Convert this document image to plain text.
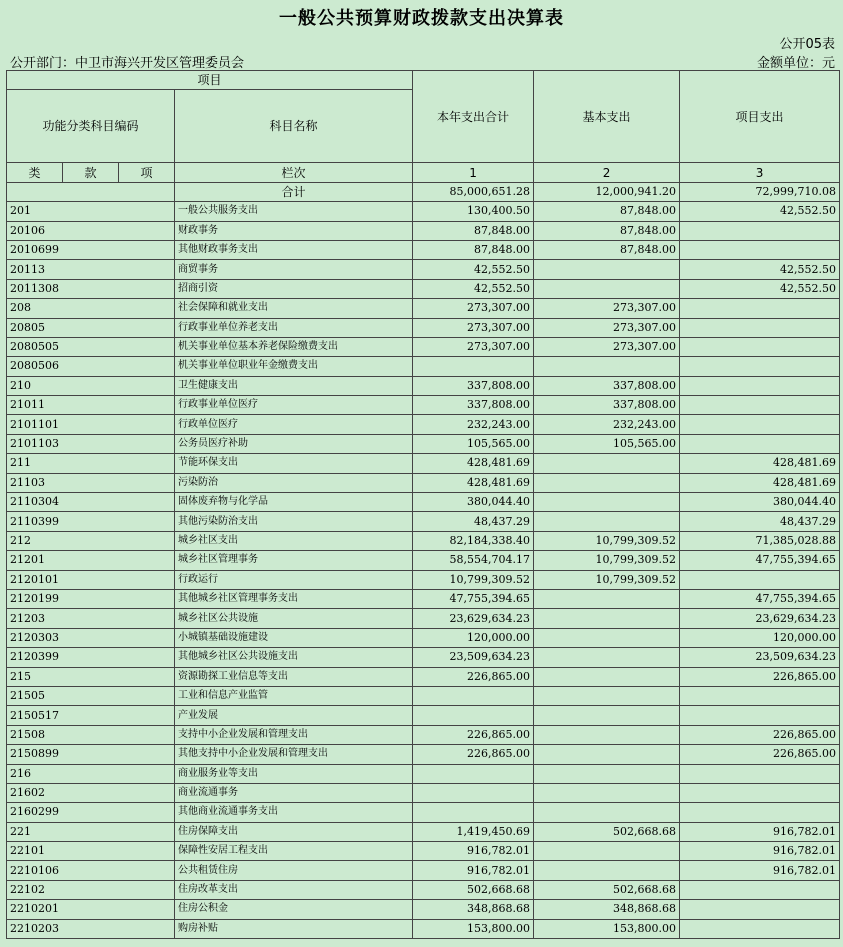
一般公共预算财政拨款支出决算表
公开05表
公开部门：中卫市海兴开发区管理委员会	金额单位：元
项目				本年支出合计	基本支出	项目支出
功能分类科目编码			科目名称			
类	款	项				
			栏次	1	2	3
			合计	85,000,651.28	12,000,941.20	72,999,710.08
201			一般公共服务支出	130,400.50	87,848.00	42,552.50
20106			财政事务	87,848.00	87,848.00	
2010699			其他财政事务支出	87,848.00	87,848.00	
20113			商贸事务	42,552.50		42,552.50
2011308			招商引资	42,552.50		42,552.50
208			社会保障和就业支出	273,307.00	273,307.00	
20805			行政事业单位养老支出	273,307.00	273,307.00	
2080505			机关事业单位基本养老保险缴费支出	273,307.00	273,307.00	
2080506			机关事业单位职业年金缴费支出			
210			卫生健康支出	337,808.00	337,808.00	
21011			行政事业单位医疗	337,808.00	337,808.00	
2101101			行政单位医疗	232,243.00	232,243.00	
2101103			公务员医疗补助	105,565.00	105,565.00	
211			节能环保支出	428,481.69		428,481.69
21103			污染防治	428,481.69		428,481.69
2110304			固体废弃物与化学品	380,044.40		380,044.40
2110399			其他污染防治支出	48,437.29		48,437.29
212			城乡社区支出	82,184,338.40	10,799,309.52	71,385,028.88
21201			城乡社区管理事务	58,554,704.17	10,799,309.52	47,755,394.65
2120101			行政运行	10,799,309.52	10,799,309.52	
2120199			其他城乡社区管理事务支出	47,755,394.65		47,755,394.65
21203			城乡社区公共设施	23,629,634.23		23,629,634.23
2120303			小城镇基础设施建设	120,000.00		120,000.00
2120399			其他城乡社区公共设施支出	23,509,634.23		23,509,634.23
215			资源勘探工业信息等支出	226,865.00		226,865.00
21505			工业和信息产业监管			
2150517			产业发展			
21508			支持中小企业发展和管理支出	226,865.00		226,865.00
2150899			其他支持中小企业发展和管理支出	226,865.00		226,865.00
216			商业服务业等支出			
21602			商业流通事务			
2160299			其他商业流通事务支出			
221			住房保障支出	1,419,450.69	502,668.68	916,782.01
22101			保障性安居工程支出	916,782.01		916,782.01
2210106			公共租赁住房	916,782.01		916,782.01
22102			住房改革支出	502,668.68	502,668.68	
2210201			住房公积金	348,868.68	348,868.68	
2210203			购房补贴	153,800.00	153,800.00	
